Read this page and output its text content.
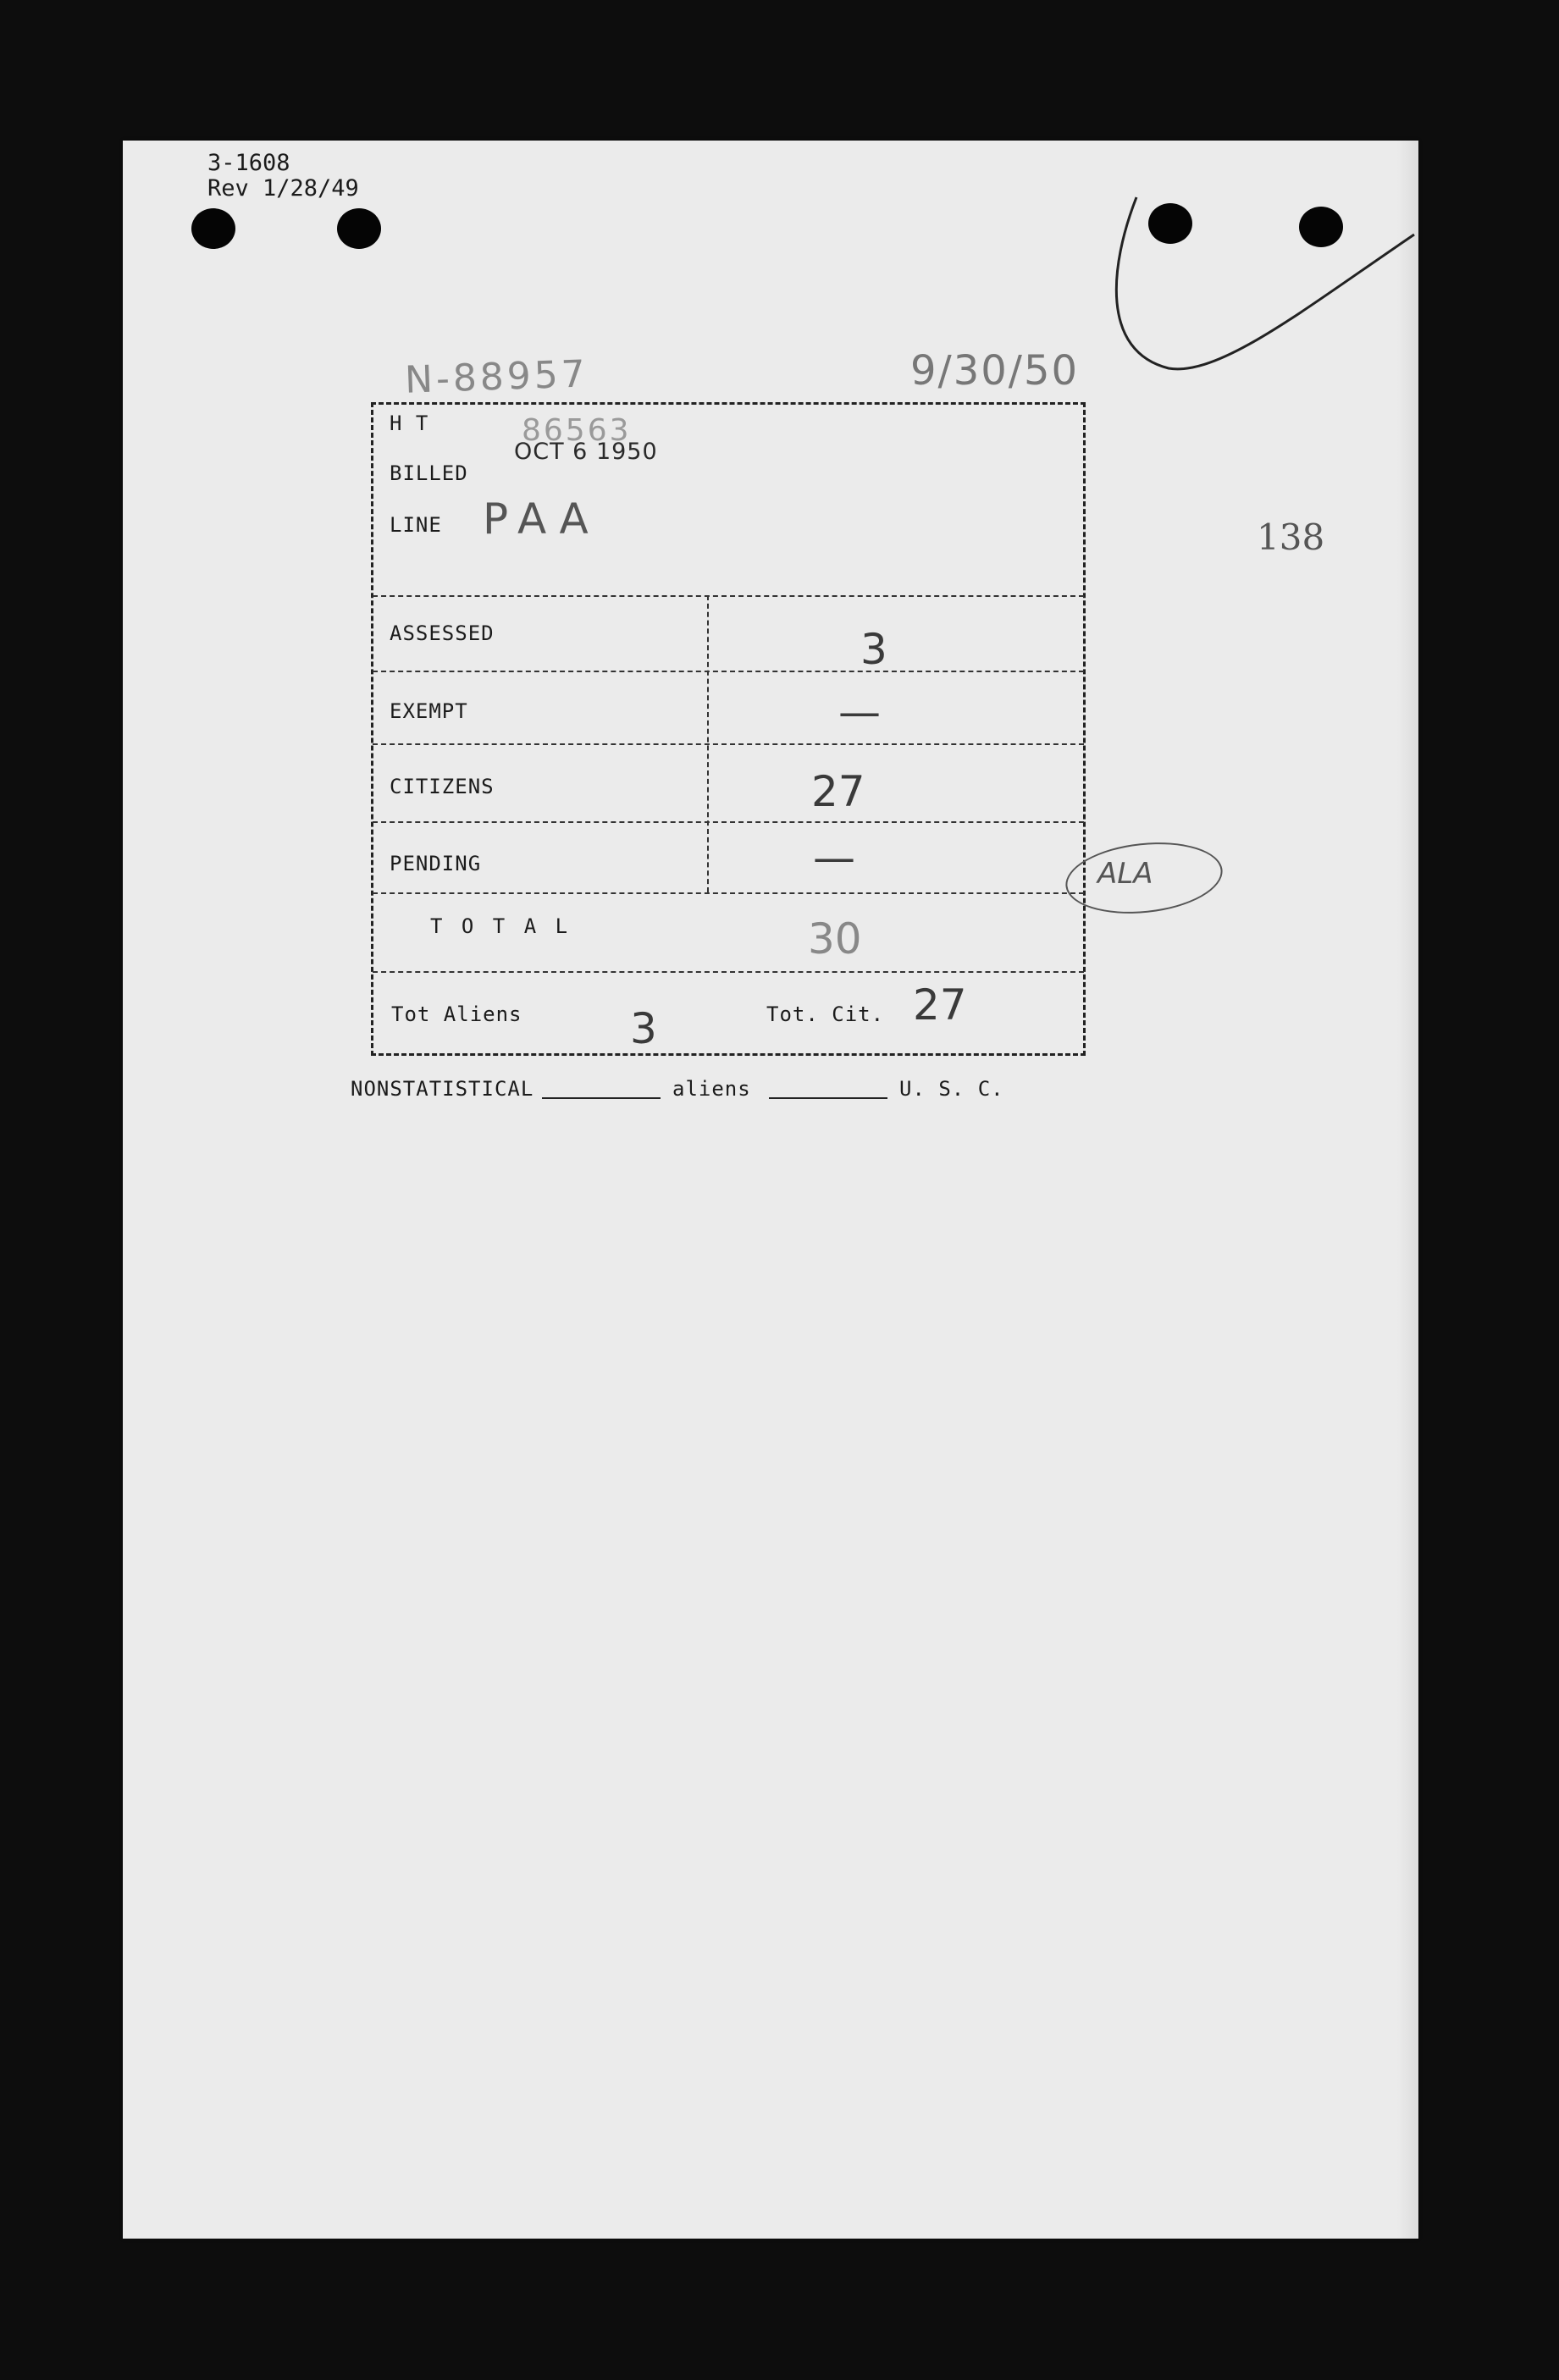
3-1608
Rev 1/28/49
N-88957	9/30/50
138
H T	86563
OCT 6 1950
BILLED
LINE PAA
ASSESSED	3
EXEMPT	—
CITIZENS	27
PENDING	—
T O T A L	30
Tot Aliens	3	Tot. Cit. 27
ALA
NONSTATISTICAL	aliens	U. S. C.
